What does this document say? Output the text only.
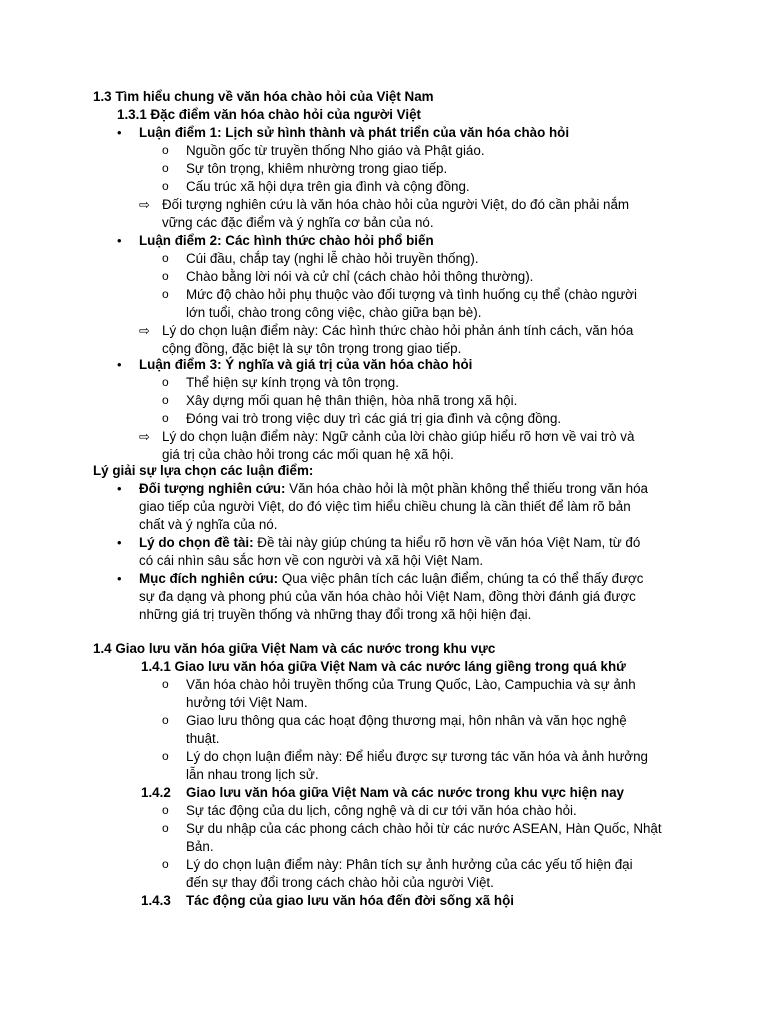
1.3 Tìm hiểu chung về văn hóa chào hỏi của Việt Nam
1.3.1 Đặc điểm văn hóa chào hỏi của người Việt
• Luận điểm 1: Lịch sử hình thành và phát triển của văn hóa chào hỏi
o Nguồn gốc từ truyền thống Nho giáo và Phật giáo.
o Sự tôn trọng, khiêm nhường trong giao tiếp.
o Cấu trúc xã hội dựa trên gia đình và cộng đồng.
⇨ Đối tượng nghiên cứu là văn hóa chào hỏi của người Việt, do đó cần phải nắm
vững các đặc điểm và ý nghĩa cơ bản của nó.
• Luận điểm 2: Các hình thức chào hỏi phổ biến
o Cúi đầu, chắp tay (nghi lễ chào hỏi truyền thống).
o Chào bằng lời nói và cử chỉ (cách chào hỏi thông thường).
o Mức độ chào hỏi phụ thuộc vào đối tượng và tình huống cụ thể (chào người
lớn tuổi, chào trong công việc, chào giữa bạn bè).
⇨ Lý do chọn luận điểm này: Các hình thức chào hỏi phản ánh tính cách, văn hóa
cộng đồng, đặc biệt là sự tôn trọng trong giao tiếp.
• Luận điểm 3: Ý nghĩa và giá trị của văn hóa chào hỏi
o Thể hiện sự kính trọng và tôn trọng.
o Xây dựng mối quan hệ thân thiện, hòa nhã trong xã hội.
o Đóng vai trò trong việc duy trì các giá trị gia đình và cộng đồng.
⇨ Lý do chọn luận điểm này: Ngữ cảnh của lời chào giúp hiểu rõ hơn về vai trò và
giá trị của chào hỏi trong các mối quan hệ xã hội.
Lý giải sự lựa chọn các luận điểm:
• Đối tượng nghiên cứu: Văn hóa chào hỏi là một phần không thể thiếu trong văn hóa
giao tiếp của người Việt, do đó việc tìm hiểu chiều chung là cần thiết để làm rõ bản
chất và ý nghĩa của nó.
• Lý do chọn đề tài: Đề tài này giúp chúng ta hiểu rõ hơn về văn hóa Việt Nam, từ đó
có cái nhìn sâu sắc hơn về con người và xã hội Việt Nam.
• Mục đích nghiên cứu: Qua việc phân tích các luận điểm, chúng ta có thể thấy được
sự đa dạng và phong phú của văn hóa chào hỏi Việt Nam, đồng thời đánh giá được
những giá trị truyền thống và những thay đổi trong xã hội hiện đại.
1.4 Giao lưu văn hóa giữa Việt Nam và các nước trong khu vực
1.4.1 Giao lưu văn hóa giữa Việt Nam và các nước láng giềng trong quá khứ
o Văn hóa chào hỏi truyền thống của Trung Quốc, Lào, Campuchia và sự ảnh
hưởng tới Việt Nam.
o Giao lưu thông qua các hoạt động thương mại, hôn nhân và văn học nghệ
thuật.
o Lý do chọn luận điểm này: Để hiểu được sự tương tác văn hóa và ảnh hưởng
lẫn nhau trong lịch sử.
1.4.2 Giao lưu văn hóa giữa Việt Nam và các nước trong khu vực hiện nay
o Sự tác động của du lịch, công nghệ và di cư tới văn hóa chào hỏi.
o Sự du nhập của các phong cách chào hỏi từ các nước ASEAN, Hàn Quốc, Nhật
Bản.
o Lý do chọn luận điểm này: Phân tích sự ảnh hưởng của các yếu tố hiện đại
đến sự thay đổi trong cách chào hỏi của người Việt.
1.4.3 Tác động của giao lưu văn hóa đến đời sống xã hội
